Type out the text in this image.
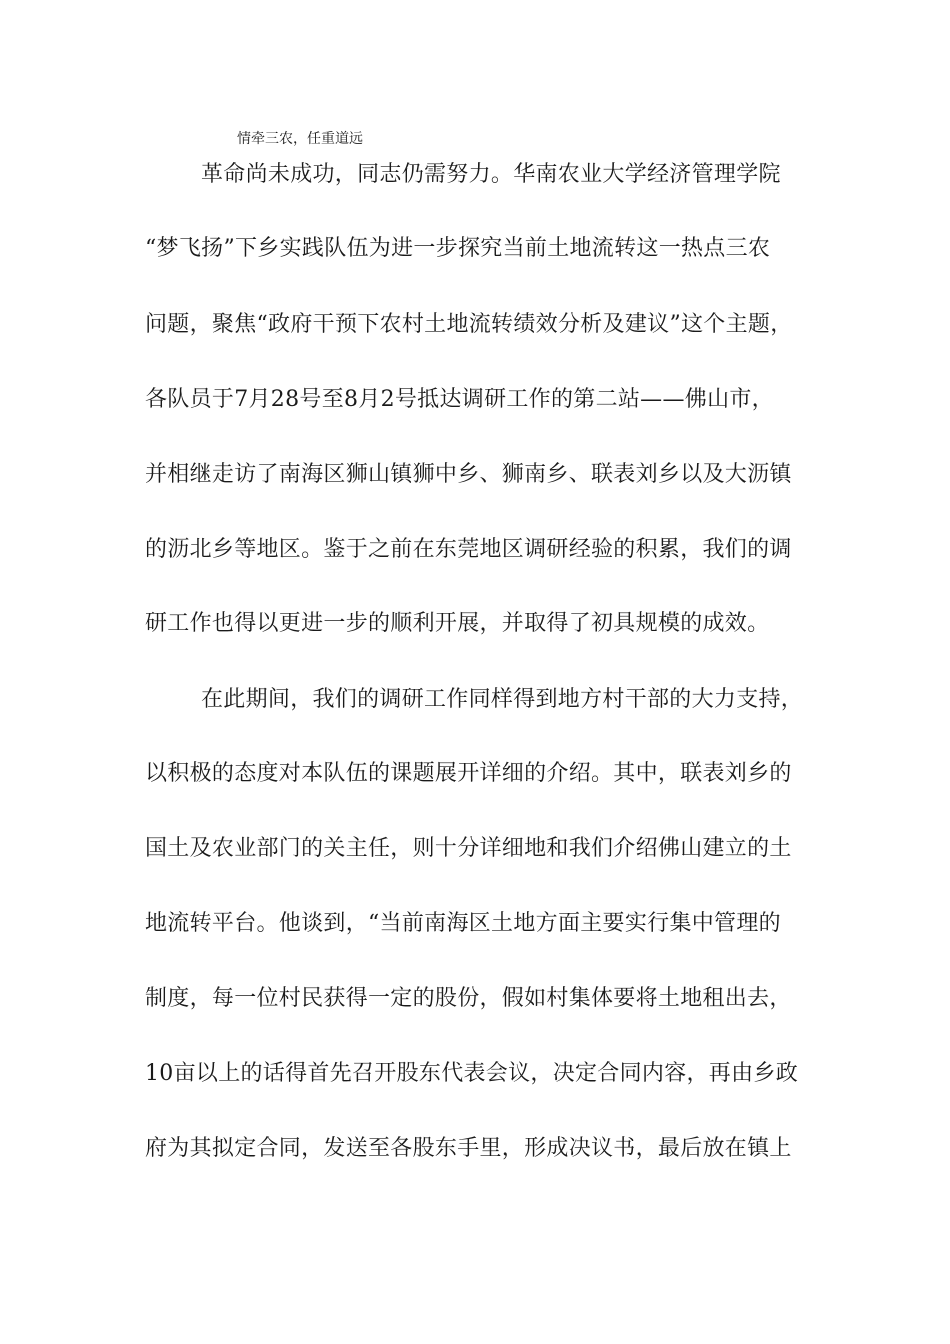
情牵三农，任重道远
革命尚未成功，同志仍需努力。华南农业大学经济管理学院
“梦飞扬”下乡实践队伍为进一步探究当前土地流转这一热点三农
问题，聚焦“政府干预下农村土地流转绩效分析及建议”这个主题，
各队员于7月28号至8月2号抵达调研工作的第二站——佛山市，
并相继走访了南海区狮山镇狮中乡、狮南乡、联表刘乡以及大沥镇
的沥北乡等地区。鉴于之前在东莞地区调研经验的积累，我们的调
研工作也得以更进一步的顺利开展，并取得了初具规模的成效。
在此期间，我们的调研工作同样得到地方村干部的大力支持，
以积极的态度对本队伍的课题展开详细的介绍。其中，联表刘乡的
国土及农业部门的关主任，则十分详细地和我们介绍佛山建立的土
地流转平台。他谈到，“当前南海区土地方面主要实行集中管理的
制度，每一位村民获得一定的股份，假如村集体要将土地租出去，
10亩以上的话得首先召开股东代表会议，决定合同内容，再由乡政
府为其拟定合同，发送至各股东手里，形成决议书，最后放在镇上
